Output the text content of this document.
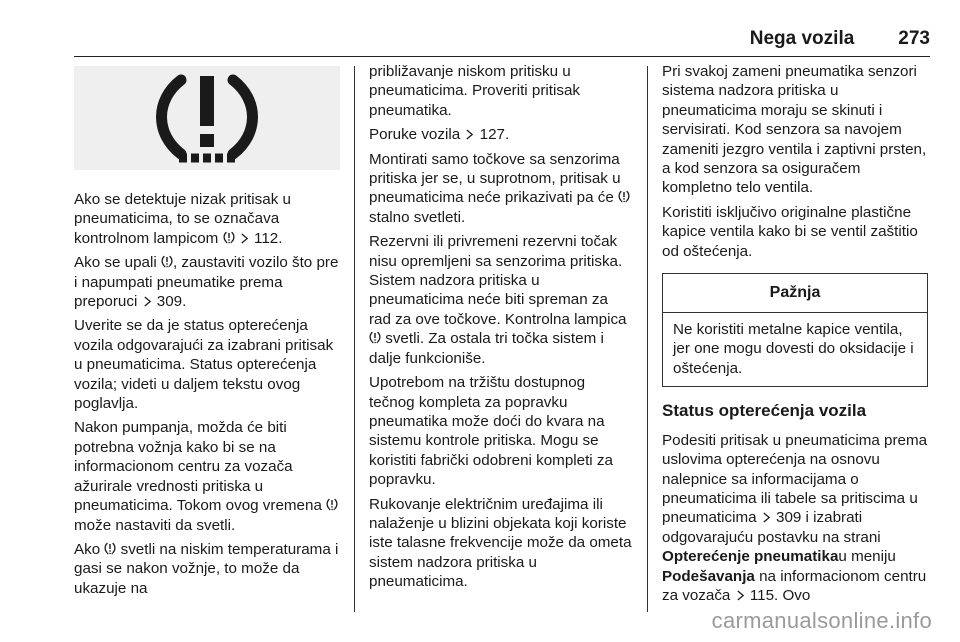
Nega vozila 273

Ako se detektuje nizak pritisak u pneumaticima, to se označava kontrolnom lampicom   112.

Ako se upali , zaustaviti vozilo što pre i napumpati pneumatike prema preporuci  309.

Uverite se da je status opterećenja vozila odgovarajući za izabrani pritisak u pneumaticima. Status opterećenja vozila; videti u daljem tekstu ovog poglavlja.

Nakon pumpanja, možda će biti potrebna vožnja kako bi se na informacionom centru za vozača ažurirale vrednosti pritiska u pneumaticima. Tokom ovog vremena  može nastaviti da svetli.

Ako  svetli na niskim temperaturama i gasi se nakon vožnje, to može da ukazuje na

približavanje niskom pritisku u pneumaticima. Proveriti pritisak pneumatika.

Poruke vozila  127.

Montirati samo točkove sa senzorima pritiska jer se, u suprotnom, pritisak u pneumaticima neće prikazivati pa će  stalno svetleti.

Rezervni ili privremeni rezervni točak nisu opremljeni sa senzorima pritiska. Sistem nadzora pritiska u pneumaticima neće biti spreman za rad za ove točkove. Kontrolna lampica  svetli. Za ostala tri točka sistem i dalje funkcioniše.

Upotrebom na tržištu dostupnog tečnog kompleta za popravku pneumatika može doći do kvara na sistemu kontrole pritiska. Mogu se koristiti fabrički odobreni kompleti za popravku.

Rukovanje električnim uređajima ili nalaženje u blizini objekata koji koriste iste talasne frekvencije može da ometa sistem nadzora pritiska u pneumaticima.

Pri svakoj zameni pneumatika senzori sistema nadzora pritiska u pneumaticima moraju se skinuti i servisirati. Kod senzora sa navojem zameniti jezgro ventila i zaptivni prsten, a kod senzora sa osiguračem kompletno telo ventila.

Koristiti isključivo originalne plastične kapice ventila kako bi se ventil zaštitio od oštećenja.

Pažnja
Ne koristiti metalne kapice ventila, jer one mogu dovesti do oksidacije i oštećenja.
Status opterećenja vozila

Podesiti pritisak u pneumaticima prema uslovima opterećenja na osnovu nalepnice sa informacijama o pneumaticima ili tabele sa pritiscima u pneumaticima  309 i izabrati odgovarajuću postavku na strani Opterećenje pneumatikau meniju Podešavanja na informacionom centru za vozača  115. Ovo

carmanualsonline.info
